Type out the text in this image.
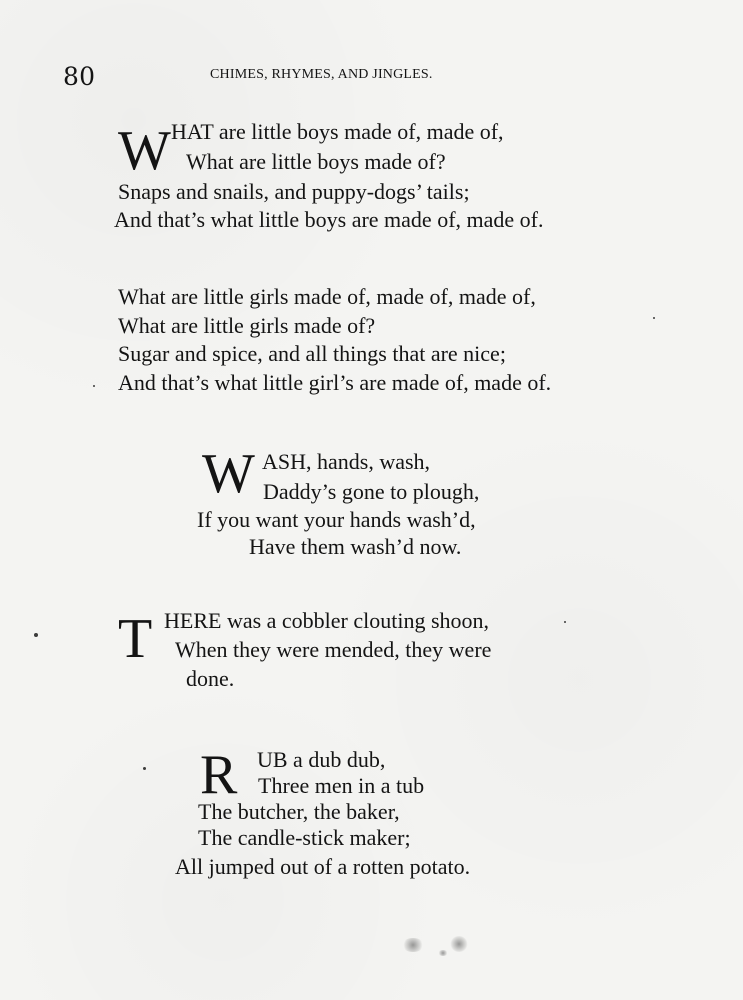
80	CHIMES, RHYMES, AND JINGLES.
W HAT are little boys made of, made of,
What are little boys made of?
Snaps and snails, and puppy-dogs’ tails;
And that’s what little boys are made of, made of.
What are little girls made of, made of, made of,
What are little girls made of?
Sugar and spice, and all things that are nice;
And that’s what little girl’s are made of, made of.
W ASH, hands, wash,
Daddy’s gone to plough,
If you want your hands wash’d,
Have them wash’d now.
T HERE was a cobbler clouting shoon,
When they were mended, they were
done.
R UB a dub dub,
Three men in a tub
The butcher, the baker,
The candle-stick maker;
All jumped out of a rotten potato.
